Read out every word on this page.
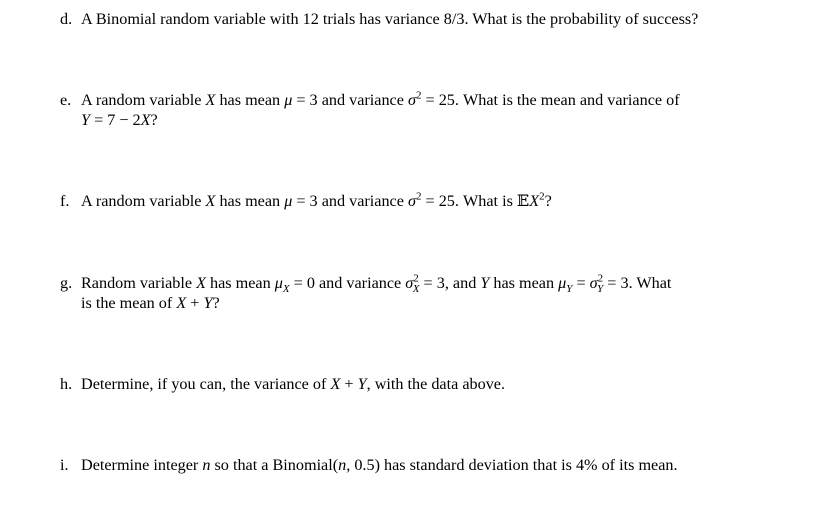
d. A Binomial random variable with 12 trials has variance 8/3. What is the probability of success?
e. A random variable X has mean μ = 3 and variance $\sigma^2 = 25$. What is the mean and variance of
Y = 7 − 2X?
f. A random variable X has mean μ = 3 and variance $\sigma^2 = 25$. What is 𝔼X$^2$?
g. Random variable X has mean $\mu_X = 0$ and variance $\sigma^2_X = 3$, and Y has mean $\mu_Y = \sigma^2_Y = 3$. What
is the mean of X + Y?
h. Determine, if you can, the variance of X + Y, with the data above.
i. Determine integer n so that a Binomial(n, 0.5) has standard deviation that is 4% of its mean.
